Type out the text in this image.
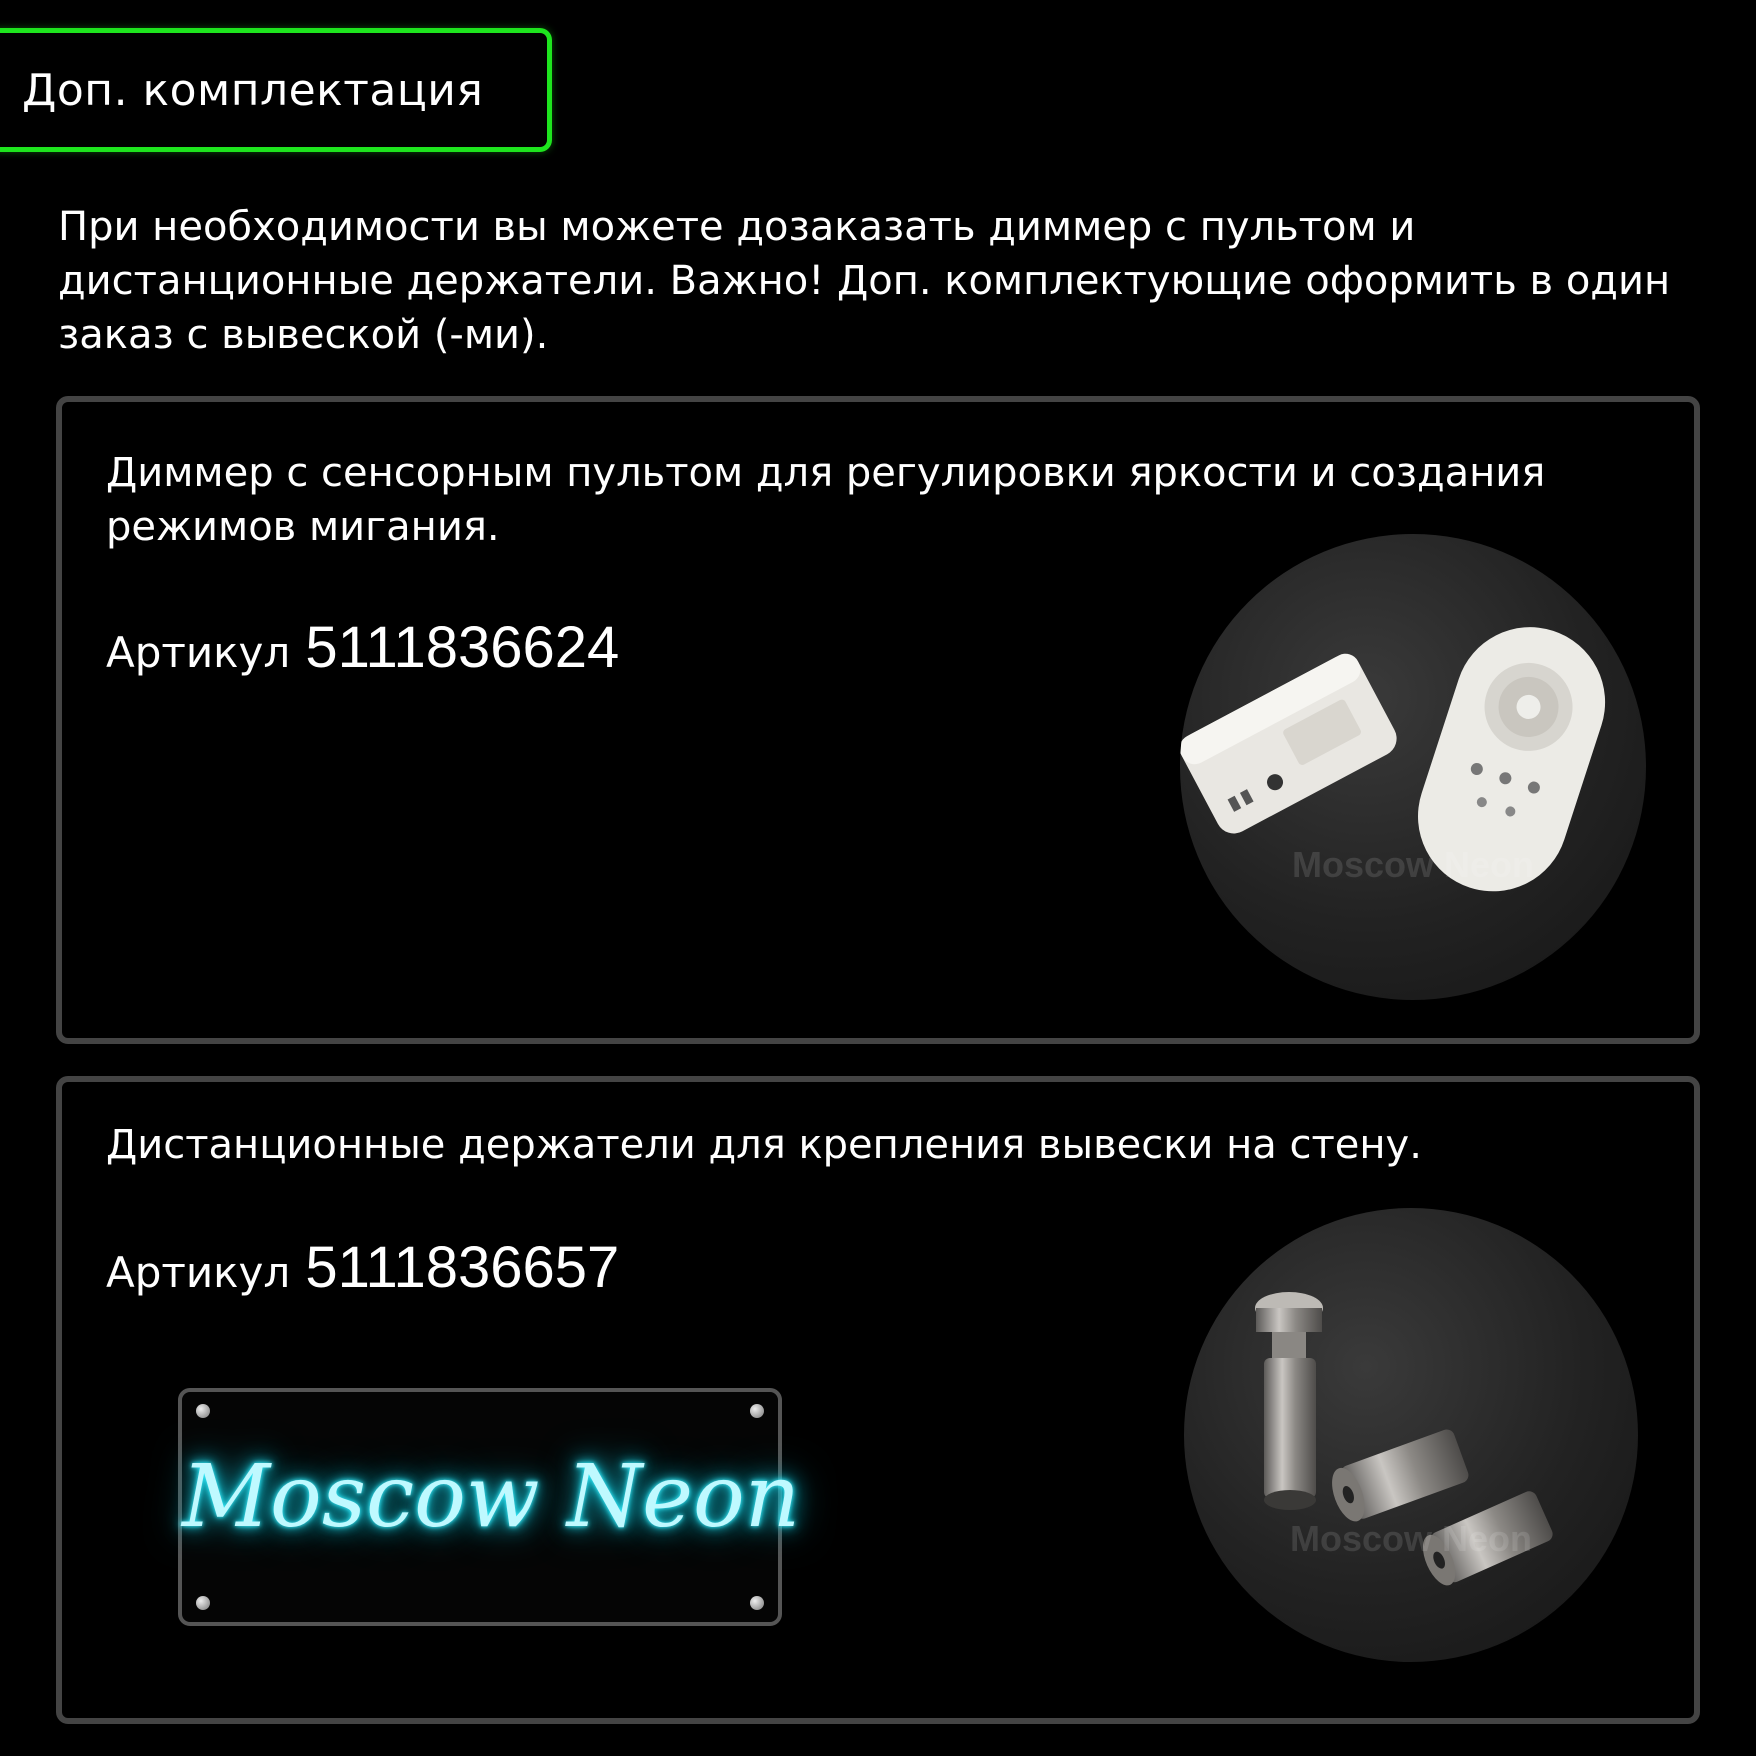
Доп. комплектация

При необходимости вы можете дозаказать диммер с пультом и дистанционные держатели. Важно! Доп. комплектующие оформить в один заказ с вывеской (-ми).

Диммер с сенсорным пультом для регулировки яркости и создания режимов мигания.

Артикул 5111836624
Moscow Neon

Дистанционные держатели для крепления вывески на стену.

Артикул 5111836657
Moscow Neon	Moscow Neon
